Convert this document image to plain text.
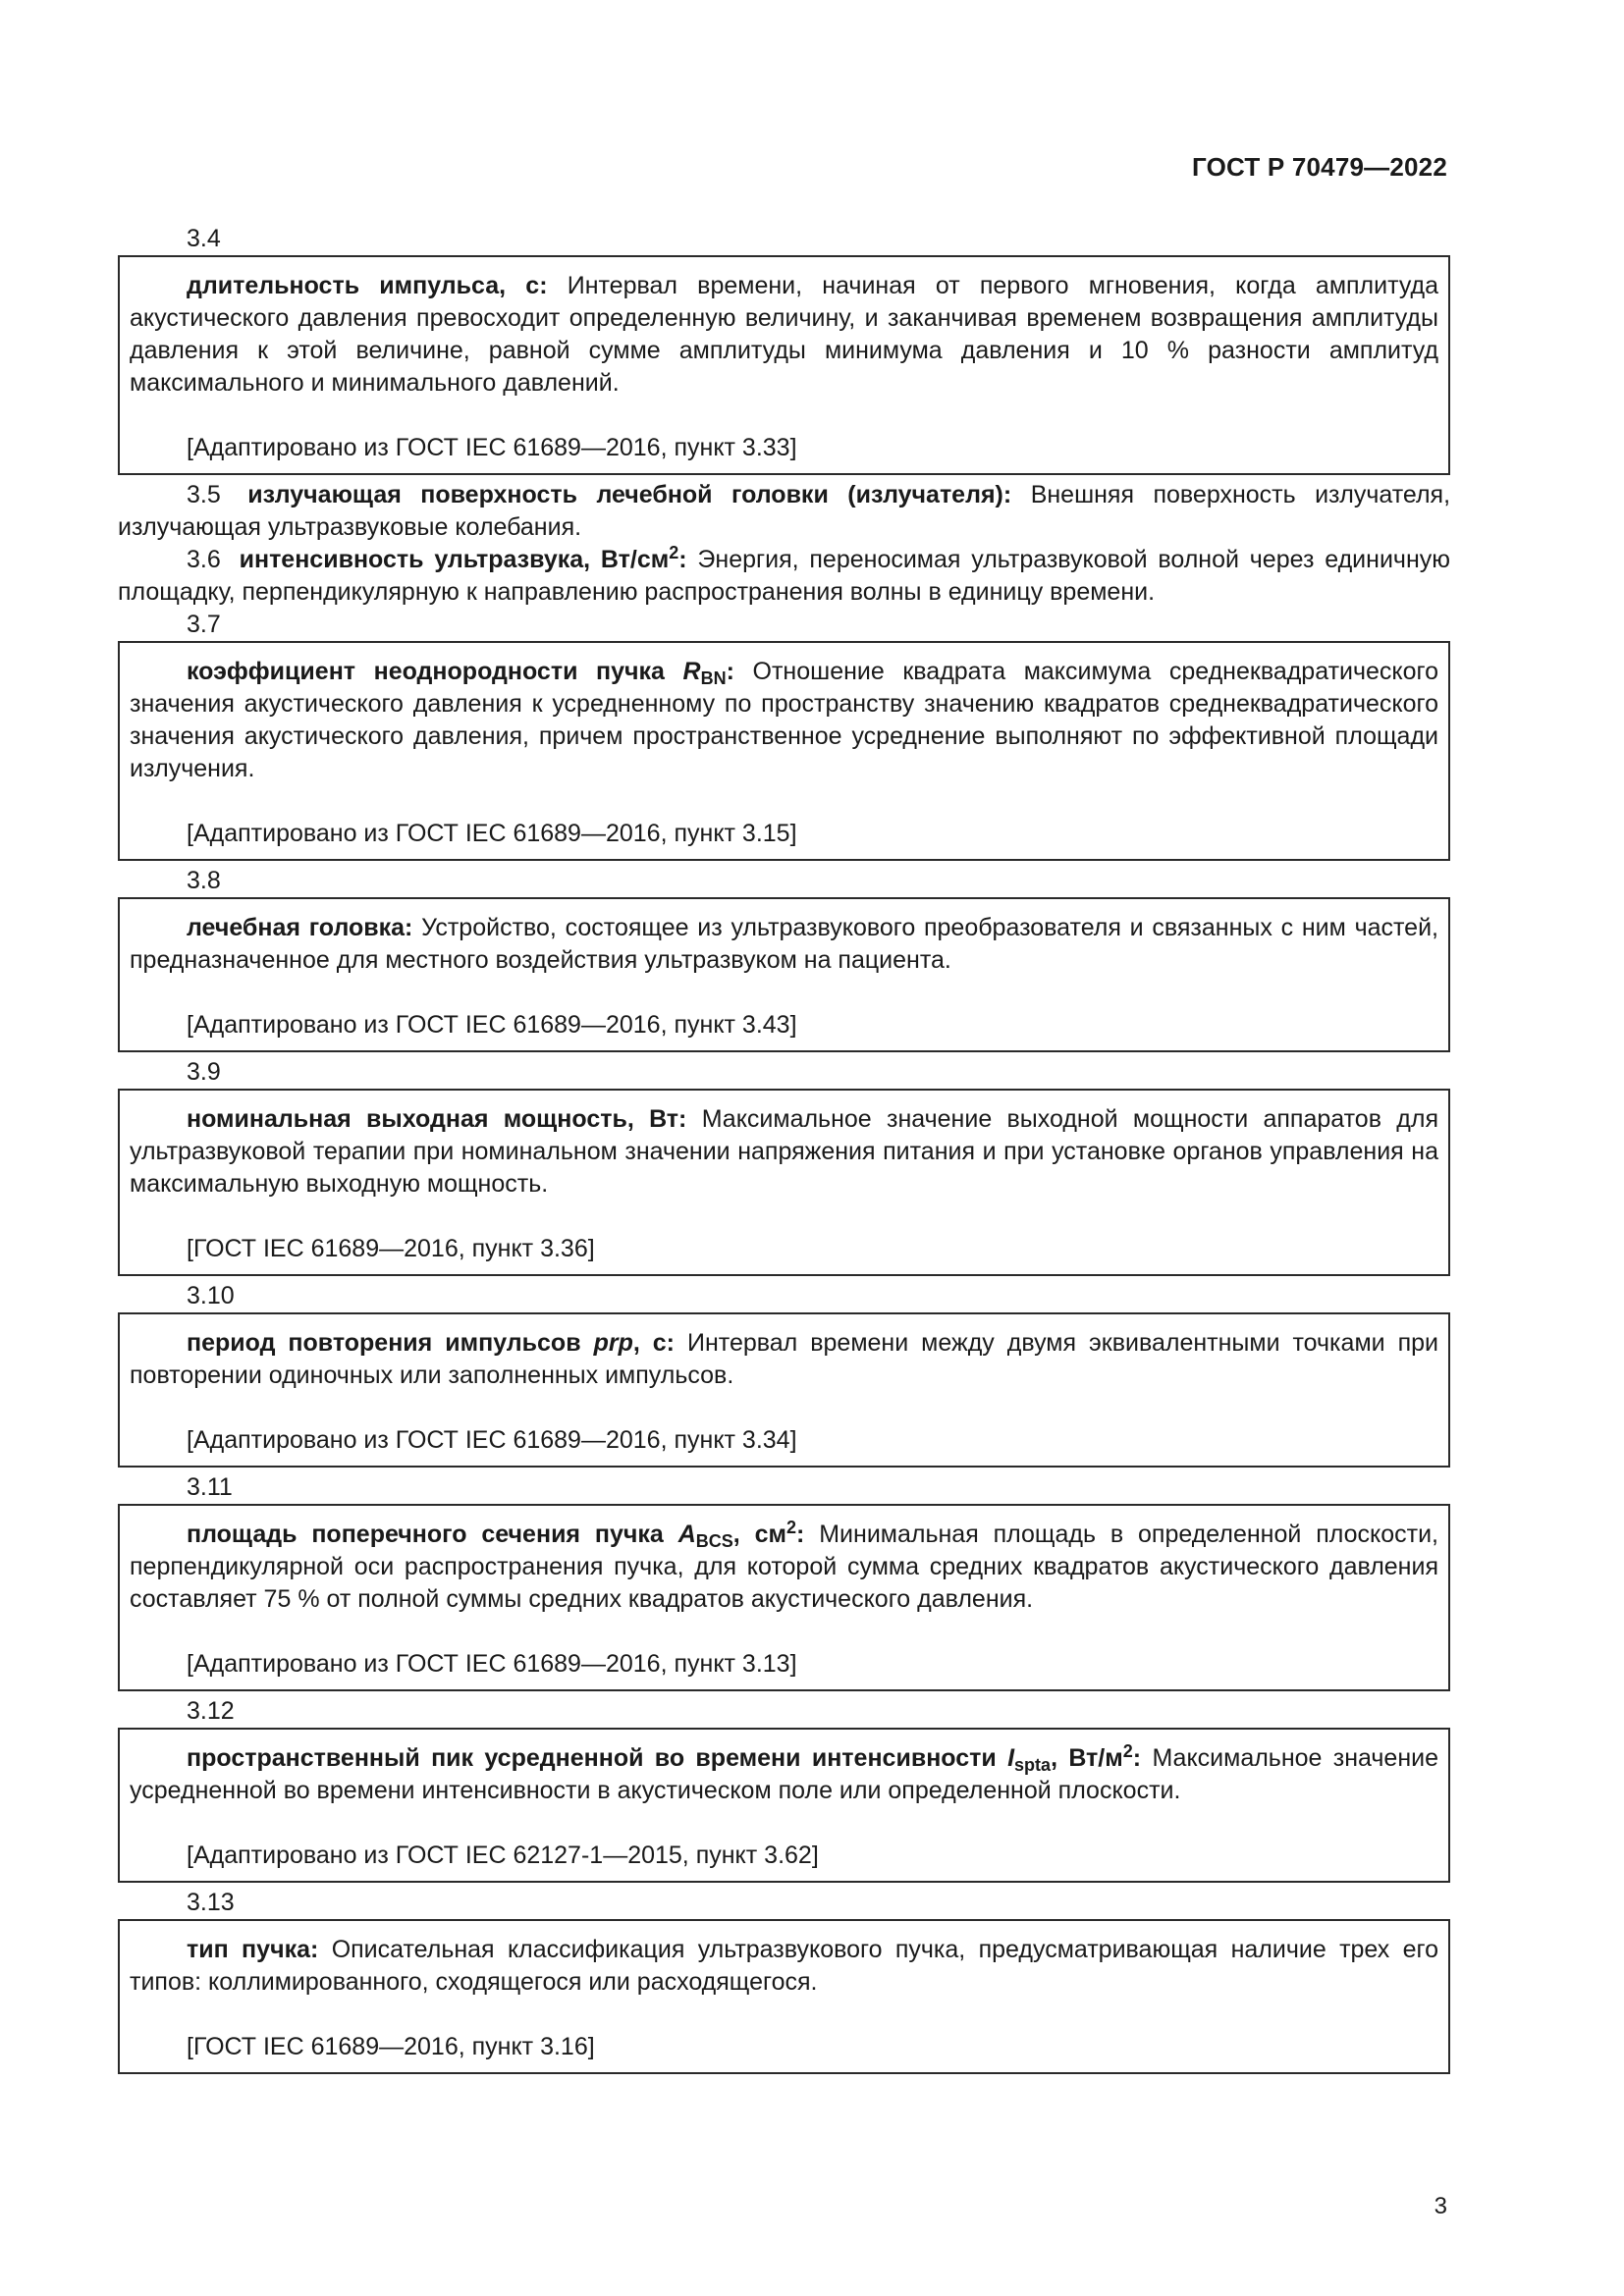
ГОСТ Р 70479—2022
3.4

длительность импульса, с: Интервал времени, начиная от первого мгновения, когда амплитуда акустического давления превосходит определенную величину, и заканчивая временем возвращения амплитуды давления к этой величине, равной сумме амплитуды минимума давления и 10 % разности амплитуд максимального и минимального давлений.

[Адаптировано из ГОСТ IEC 61689—2016, пункт 3.33]

3.5 излучающая поверхность лечебной головки (излучателя): Внешняя поверхность излучателя, излучающая ультразвуковые колебания.

3.6 интенсивность ультразвука, $Вт/см^2$: Энергия, переносимая ультразвуковой волной через единичную площадку, перпендикулярную к направлению распространения волны в единицу времени.

3.7

коэффициент неоднородности пучка $R_{BN}$: Отношение квадрата максимума среднеквадратического значения акустического давления к усредненному по пространству значению квадратов среднеквадратического значения акустического давления, причем пространственное усреднение выполняют по эффективной площади излучения.

[Адаптировано из ГОСТ IEC 61689—2016, пункт 3.15]
3.8

лечебная головка: Устройство, состоящее из ультразвукового преобразователя и связанных с ним частей, предназначенное для местного воздействия ультразвуком на пациента.

[Адаптировано из ГОСТ IEC 61689—2016, пункт 3.43]
3.9

номинальная выходная мощность, Вт: Максимальное значение выходной мощности аппаратов для ультразвуковой терапии при номинальном значении напряжения питания и при установке органов управления на максимальную выходную мощность.

[ГОСТ IEC 61689—2016, пункт 3.36]
3.10

период повторения импульсов prp, с: Интервал времени между двумя эквивалентными точками при повторении одиночных или заполненных импульсов.

[Адаптировано из ГОСТ IEC 61689—2016, пункт 3.34]
3.11

площадь поперечного сечения пучка $A_{BCS}$, $см^2$: Минимальная площадь в определенной плоскости, перпендикулярной оси распространения пучка, для которой сумма средних квадратов акустического давления составляет 75 % от полной суммы средних квадратов акустического давления.

[Адаптировано из ГОСТ IEC 61689—2016, пункт 3.13]
3.12

пространственный пик усредненной во времени интенсивности $I_{spta}$, $Вт/м^2$: Максимальное значение усредненной во времени интенсивности в акустическом поле или определенной плоскости.

[Адаптировано из ГОСТ IEC 62127-1—2015, пункт 3.62]
3.13

тип пучка: Описательная классификация ультразвукового пучка, предусматривающая наличие трех его типов: коллимированного, сходящегося или расходящегося.

[ГОСТ IEC 61689—2016, пункт 3.16]
3
